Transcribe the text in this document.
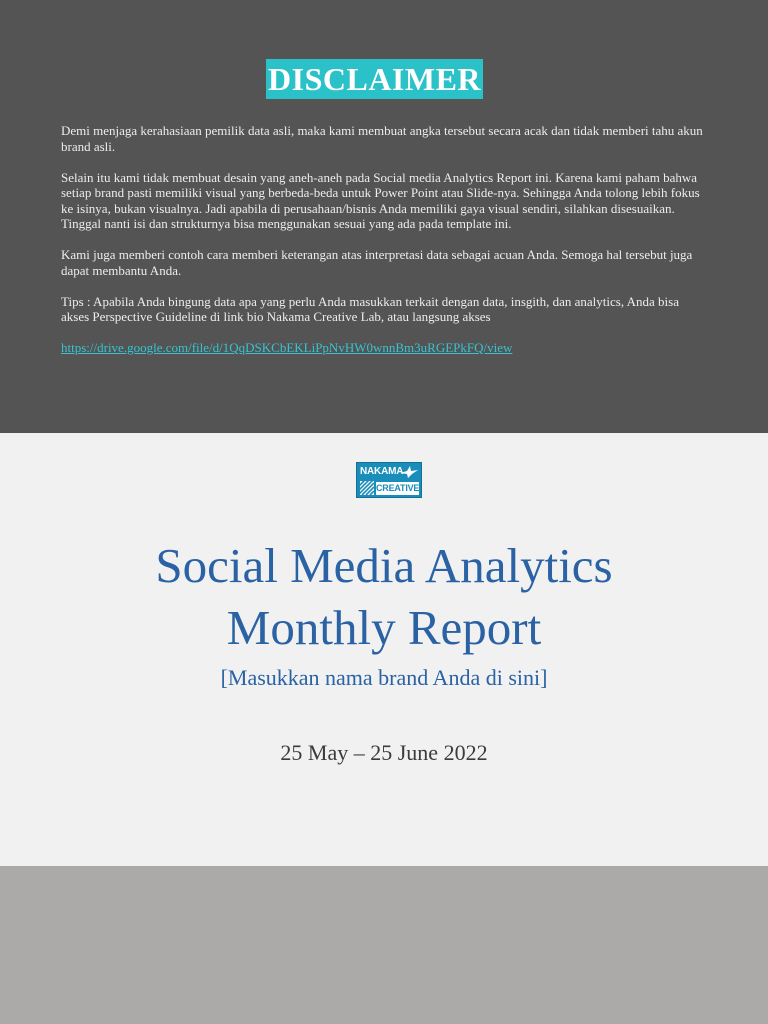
DISCLAIMER

Demi menjaga kerahasiaan pemilik data asli, maka kami membuat angka tersebut secara acak dan tidak memberi tahu akun brand asli.

Selain itu kami tidak membuat desain yang aneh-aneh pada Social media Analytics Report ini. Karena kami paham bahwa setiap brand pasti memiliki visual yang berbeda-beda untuk Power Point atau Slide-nya. Sehingga Anda tolong lebih fokus ke isinya, bukan visualnya. Jadi apabila di perusahaan/bisnis Anda memiliki gaya visual sendiri, silahkan disesuaikan. Tinggal nanti isi dan strukturnya bisa menggunakan sesuai yang ada pada template ini.

Kami juga memberi contoh cara memberi keterangan atas interpretasi data sebagai acuan Anda. Semoga hal tersebut juga dapat membantu Anda.

Tips : Apabila Anda bingung data apa yang perlu Anda masukkan terkait dengan data, insgith, dan analytics, Anda bisa akses Perspective Guideline di link bio Nakama Creative Lab, atau langsung akses

https://drive.google.com/file/d/1QqDSKCbEKLiPpNvHW0wnnBm3uRGEPkFQ/view

NAKAMA
CREATIVE
Social Media Analytics
Monthly Report
[Masukkan nama brand Anda di sini]
25 May – 25 June 2022
